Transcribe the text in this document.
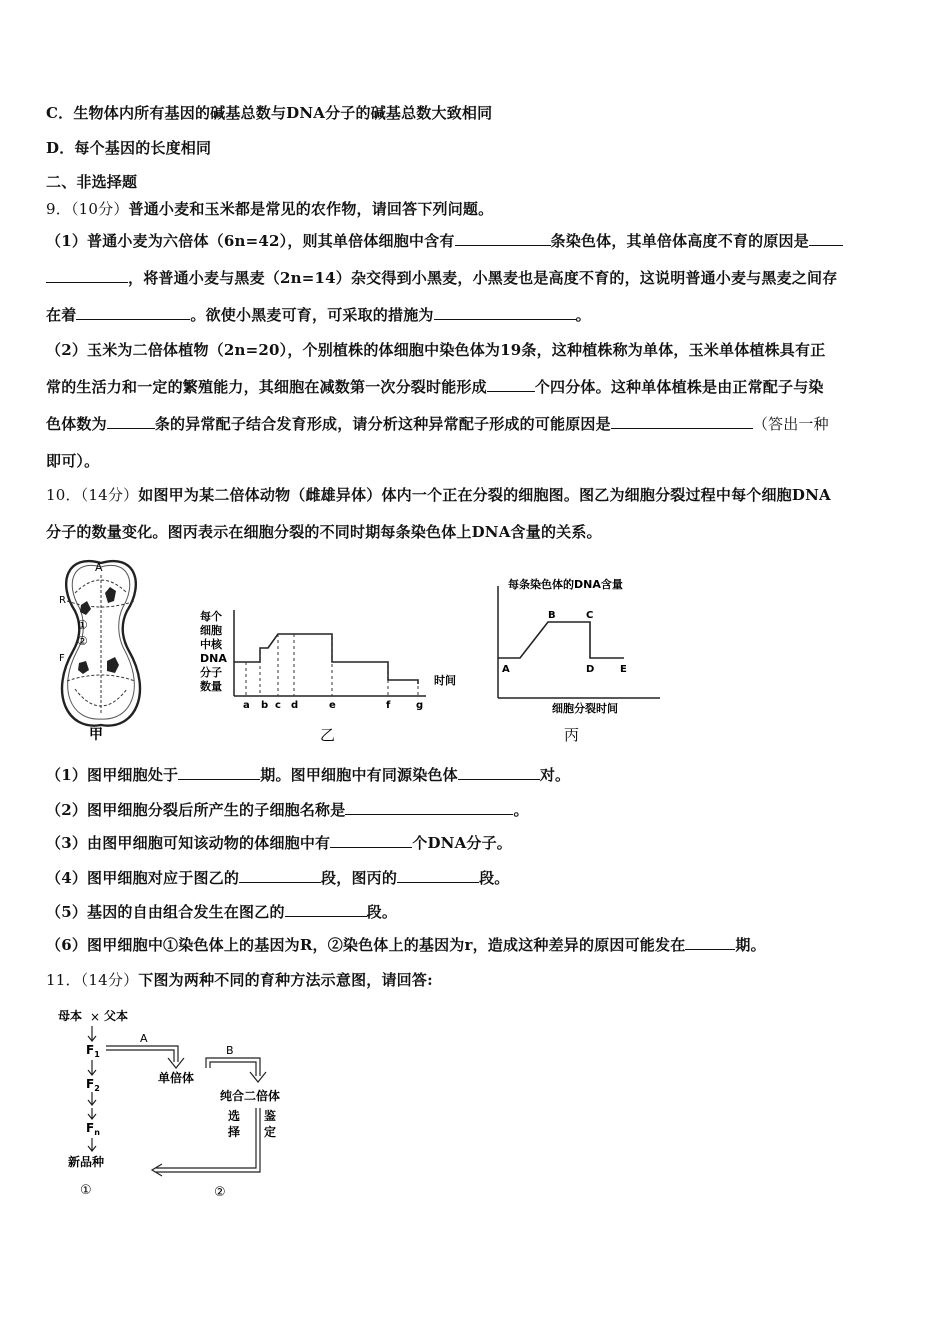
C．生物体内所有基因的碱基总数与DNA分子的碱基总数大致相同
D．每个基因的长度相同
二、非选择题
9．（10分）普通小麦和玉米都是常见的农作物，请回答下列问题。
（1）普通小麦为六倍体（6n=42），则其单倍体细胞中含有	条染色体，其单倍体高度不育的原因是
，将普通小麦与黑麦（2n=14）杂交得到小黑麦，小黑麦也是高度不育的，这说明普通小麦与黑麦之间存
在着	。欲使小黑麦可育，可采取的措施为	。
（2）玉米为二倍体植物（2n=20），个别植株的体细胞中染色体为19条，这种植株称为单体，玉米单体植株具有正
常的生活力和一定的繁殖能力，其细胞在减数第一次分裂时能形成	个四分体。这种单体植株是由正常配子与染
色体数为	条的异常配子结合发育形成，请分析这种异常配子形成的可能原因是	（答出一种
即可）。
10．（14分）如图甲为某二倍体动物（雌雄异体）体内一个正在分裂的细胞图。图乙为细胞分裂过程中每个细胞DNA
分子的数量变化。图丙表示在细胞分裂的不同时期每条染色体上DNA含量的关系。
A
R
F
①
②
甲
每个
细胞
中核
DNA
分子
数量
a b c d	e	f	g
时间
乙
每条染色体的DNA含量
A
B	C
D	E
细胞分裂时间
丙
（1）图甲细胞处于	期。图甲细胞中有同源染色体	对。
（2）图甲细胞分裂后所产生的子细胞名称是	。
（3）由图甲细胞可知该动物的体细胞中有	个DNA分子。
（4）图甲细胞对应于图乙的	段，图丙的	段。
（5）基因的自由组合发生在图乙的	段。
（6）图甲细胞中①染色体上的基因为R，②染色体上的基因为r，造成这种差异的原因可能发在	期。
11．（14分）下图为两种不同的育种方法示意图，请回答:
母本 × 父本
$F_1$
$F_2$
$F_n$
新品种
①
A
单倍体
B
纯合二倍体
选
择
鉴
定
②
